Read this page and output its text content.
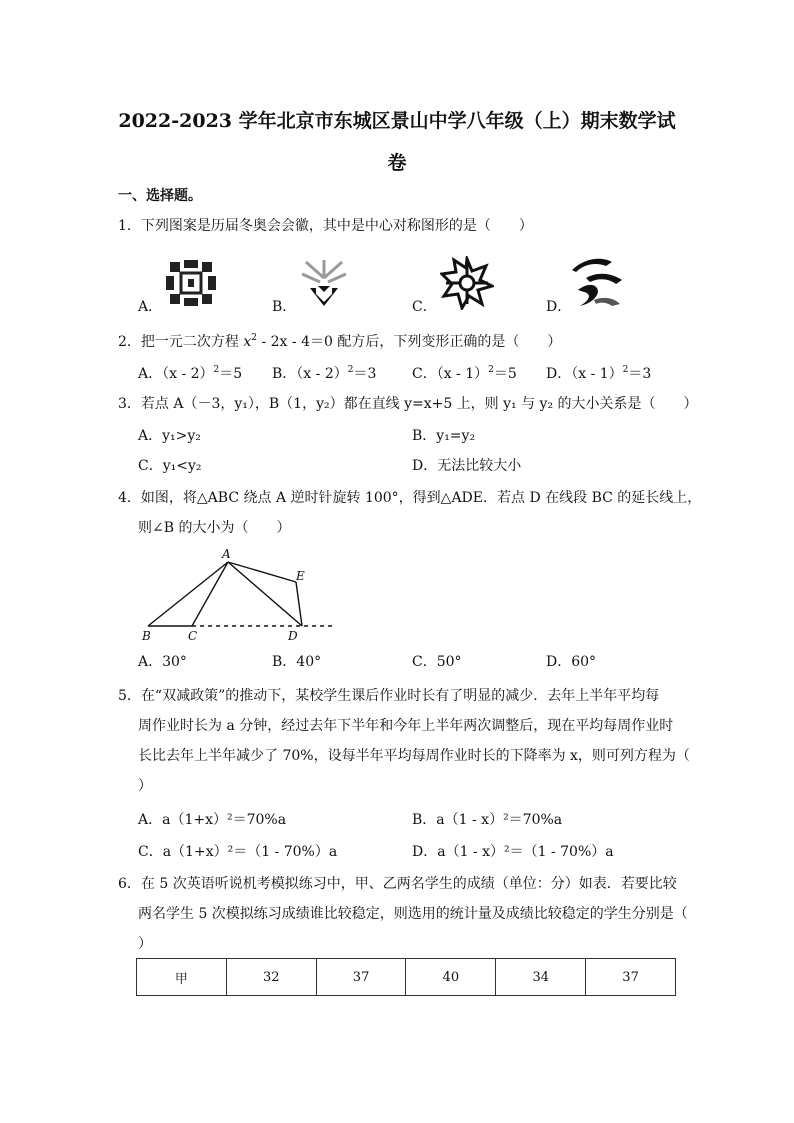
2022-2023 学年北京市东城区景山中学八年级（上）期末数学试
卷
一、选择题。
1．下列图案是历届冬奥会会徽，其中是中心对称图形的是（　　）
A．	B．	C．	D．
2．把一元二次方程 $x^2 - 2x - 4=0$ 配方后，下列变形正确的是（　　）
A．（x - 2）$^2$＝5 B．（x - 2）$^2$＝3	C．（x - 1）$^2$＝5 D．（x - 1）$^2$＝3
3．若点 A（－3，y₁），B（1，y₂）都在直线 y=x+5 上，则 y₁ 与 y₂ 的大小关系是（　　）
A．y₁>y₂	B．y₁=y₂
C．y₁<y₂	D．无法比较大小
4．如图，将△ABC 绕点 A 逆时针旋转 100°，得到△ADE．若点 D 在线段 BC 的延长线上，
则∠B 的大小为（　　）
A
B	C	D
E
A．30°	B．40°	C．50°	D．60°
5．在“双减政策”的推动下，某校学生课后作业时长有了明显的减少．去年上半年平均每
周作业时长为 a 分钟，经过去年下半年和今年上半年两次调整后，现在平均每周作业时
长比去年上半年减少了 70%，设每半年平均每周作业时长的下降率为 x，则可列方程为（
）
A．a（1+x）²＝70%a	B．a（1 - x）²＝70%a
C．a（1+x）²＝（1 - 70%）a	D．a（1 - x）²＝（1 - 70%）a
6．在 5 次英语听说机考模拟练习中，甲、乙两名学生的成绩（单位：分）如表．若要比较
两名学生 5 次模拟练习成绩谁比较稳定，则选用的统计量及成绩比较稳定的学生分别是（
）
甲	32	37	40	34	37
